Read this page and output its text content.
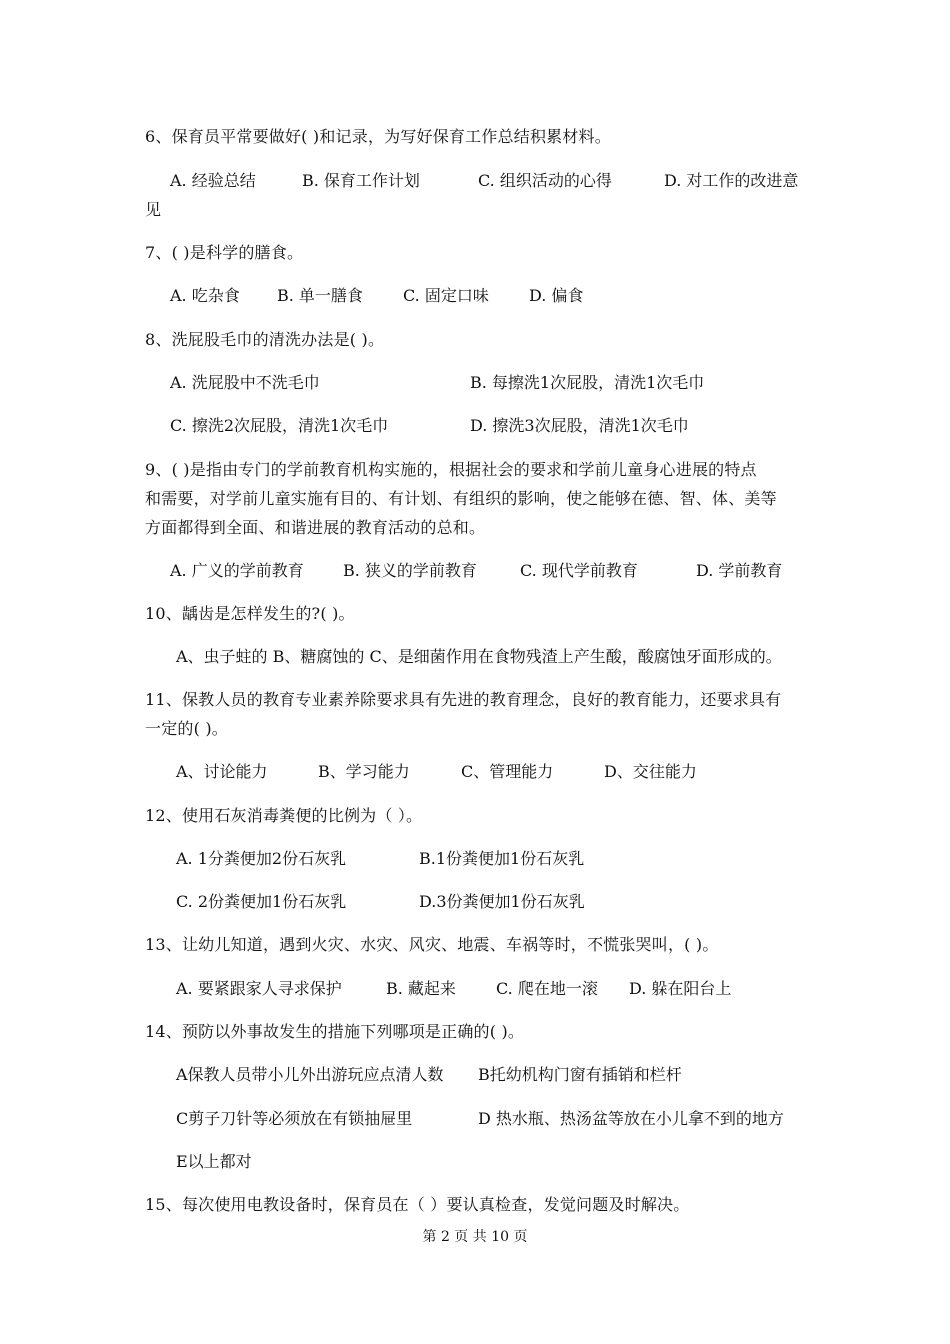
6、保育员平常要做好( )和记录，为写好保育工作总结积累材料。
A. 经验总结	B. 保育工作计划	C. 组织活动的心得	D. 对工作的改进意
见
7、( )是科学的膳食。
A. 吃杂食 B. 单一膳食	C. 固定口味	D. 偏食
8、洗屁股毛巾的清洗办法是( )。
A. 洗屁股中不洗毛巾	B. 每擦洗1次屁股，清洗1次毛巾
C. 擦洗2次屁股，清洗1次毛巾	D. 擦洗3次屁股，清洗1次毛巾
9、( )是指由专门的学前教育机构实施的，根据社会的要求和学前儿童身心进展的特点
和需要，对学前儿童实施有目的、有计划、有组织的影响，使之能够在德、智、体、美等
方面都得到全面、和谐进展的教育活动的总和。
A. 广义的学前教育 B. 狭义的学前教育	C. 现代学前教育	D. 学前教育
10、龋齿是怎样发生的?( )。
A、虫子蛀的 B、糖腐蚀的 C、是细菌作用在食物残渣上产生酸，酸腐蚀牙面形成的。
11、保教人员的教育专业素养除要求具有先进的教育理念，良好的教育能力，还要求具有
一定的( )。
A、讨论能力	B、学习能力	C、管理能力	D、交往能力
12、使用石灰消毒粪便的比例为（ ）。
A. 1分粪便加2份石灰乳	B.1份粪便加1份石灰乳
C. 2份粪便加1份石灰乳	D.3份粪便加1份石灰乳
13、让幼儿知道，遇到火灾、水灾、风灾、地震、车祸等时，不慌张哭叫，( )。
A. 要紧跟家人寻求保护	B. 藏起来	C. 爬在地一滚 D. 躲在阳台上
14、预防以外事故发生的措施下列哪项是正确的( )。
A保教人员带小儿外出游玩应点清人数 B托幼机构门窗有插销和栏杆
C剪子刀针等必须放在有锁抽屉里	D 热水瓶、热汤盆等放在小儿拿不到的地方
E以上都对
15、每次使用电教设备时，保育员在（ ）要认真检查，发觉问题及时解决。
第 2 页 共 10 页
